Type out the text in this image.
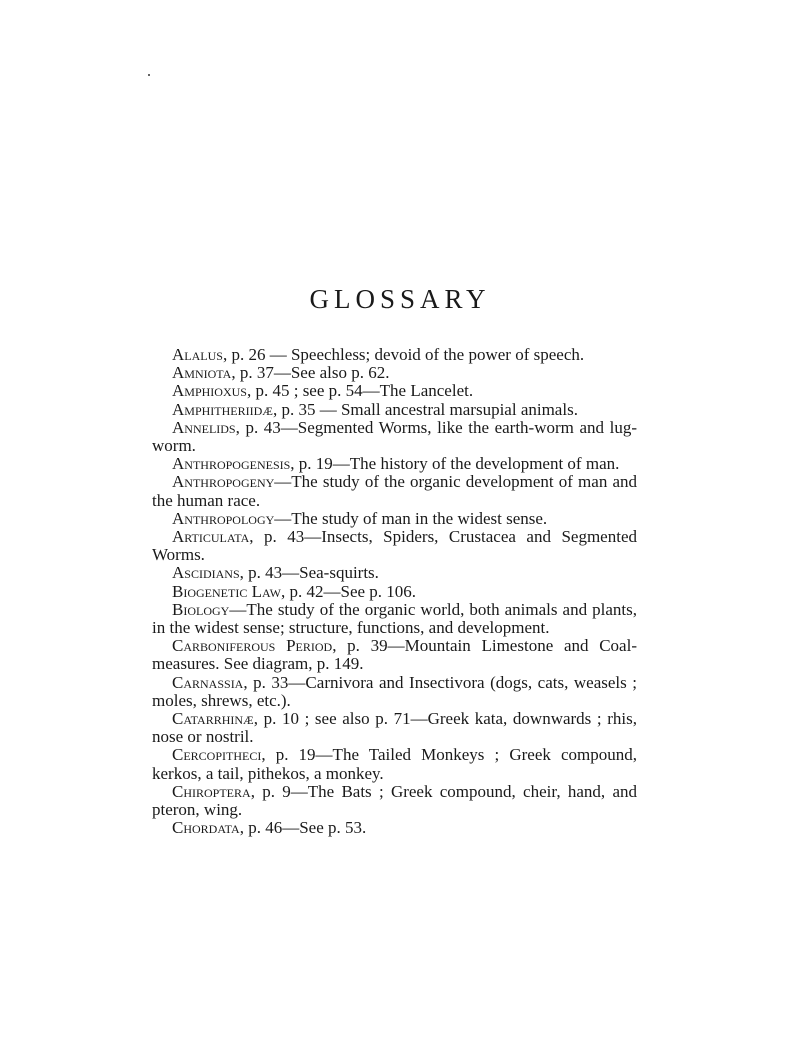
GLOSSARY

Alalus, p. 26 — Speechless; devoid of the power of speech.

Amniota, p. 37—See also p. 62.

Amphioxus, p. 45 ; see p. 54—The Lancelet.

Amphitheriidæ, p. 35 — Small ancestral marsupial animals.

Annelids, p. 43—Segmented Worms, like the earth-worm and lug-worm.

Anthropogenesis, p. 19—The history of the development of man.

Anthropogeny—The study of the organic development of man and the human race.

Anthropology—The study of man in the widest sense.

Articulata, p. 43—Insects, Spiders, Crustacea and Segmented Worms.

Ascidians, p. 43—Sea-squirts.

Biogenetic Law, p. 42—See p. 106.

Biology—The study of the organic world, both animals and plants, in the widest sense; structure, functions, and development.

Carboniferous Period, p. 39—Mountain Limestone and Coal-measures. See diagram, p. 149.

Carnassia, p. 33—Carnivora and Insectivora (dogs, cats, weasels ; moles, shrews, etc.).

Catarrhinæ, p. 10 ; see also p. 71—Greek kata, downwards ; rhis, nose or nostril.

Cercopitheci, p. 19—The Tailed Monkeys ; Greek compound, kerkos, a tail, pithekos, a monkey.

Chiroptera, p. 9—The Bats ; Greek compound, cheir, hand, and pteron, wing.

Chordata, p. 46—See p. 53.
